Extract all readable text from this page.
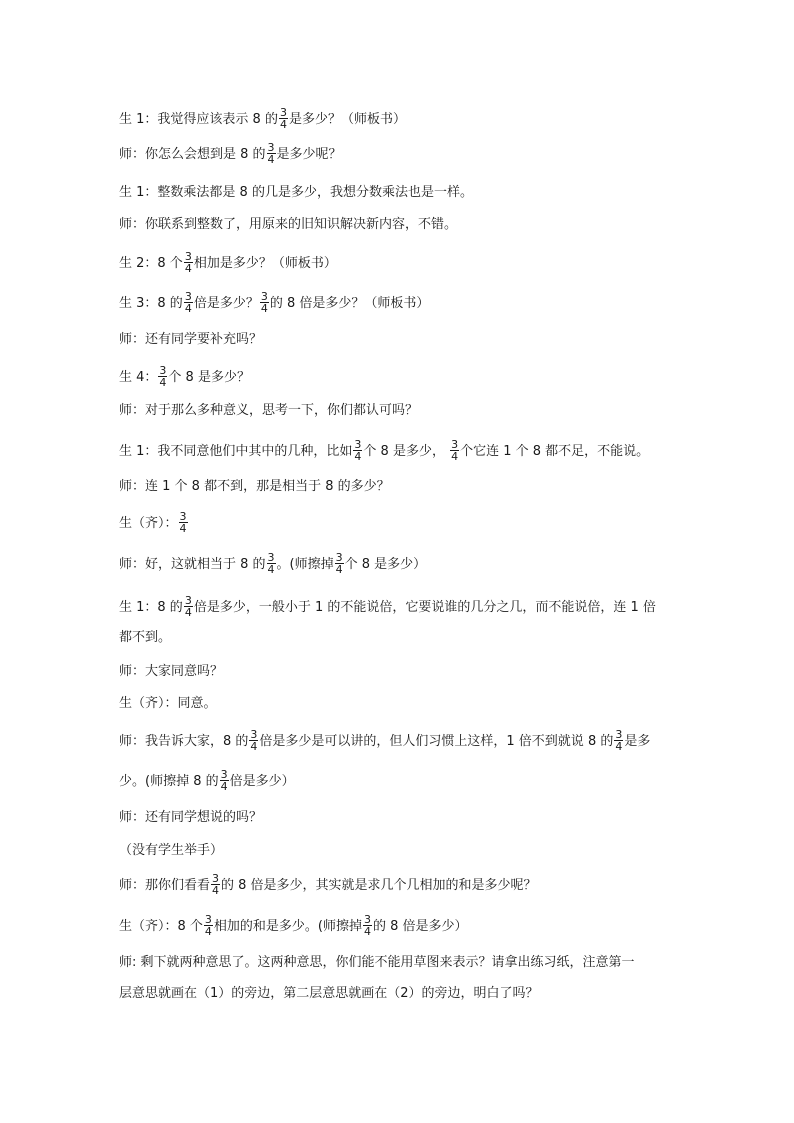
生 1：我觉得应该表示 8 的 $\frac{3}{4}$ 是多少？（师板书）
师：你怎么会想到是 8 的 $\frac{3}{4}$ 是多少呢？
生 1：整数乘法都是 8 的几是多少，我想分数乘法也是一样。
师：你联系到整数了，用原来的旧知识解决新内容，不错。
生 2：8 个 $\frac{3}{4}$ 相加是多少？（师板书）
生 3：8 的 $\frac{3}{4}$ 倍是多少？ $\frac{3}{4}$ 的 8 倍是多少？（师板书）
师：还有同学要补充吗？
生 4： $\frac{3}{4}$ 个 8 是多少？
师：对于那么多种意义，思考一下，你们都认可吗？
生 1：我不同意他们中其中的几种，比如 $\frac{3}{4}$ 个 8 是多少， $\frac{3}{4}$ 个它连 1 个 8 都不足，不能说。
师：连 1 个 8 都不到，那是相当于 8 的多少？
生（齐）： $\frac{3}{4}$
师：好，这就相当于 8 的 $\frac{3}{4}$ 。(师擦掉 $\frac{3}{4}$ 个 8 是多少）
生 1：8 的 $\frac{3}{4}$ 倍是多少，一般小于 1 的不能说倍，它要说谁的几分之几，而不能说倍，连 1 倍
都不到。
师：大家同意吗？
生（齐）：同意。
师：我告诉大家，8 的 $\frac{3}{4}$ 倍是多少是可以讲的，但人们习惯上这样，1 倍不到就说 8 的 $\frac{3}{4}$ 是多
少。(师擦掉 8 的 $\frac{3}{4}$ 倍是多少）
师：还有同学想说的吗？
（没有学生举手）
师：那你们看看 $\frac{3}{4}$ 的 8 倍是多少，其实就是求几个几相加的和是多少呢？
生（齐）：8 个 $\frac{3}{4}$ 相加的和是多少。(师擦掉 $\frac{3}{4}$ 的 8 倍是多少）
师: 剩下就两种意思了。这两种意思，你们能不能用草图来表示？请拿出练习纸，注意第一
层意思就画在（1）的旁边，第二层意思就画在（2）的旁边，明白了吗？
